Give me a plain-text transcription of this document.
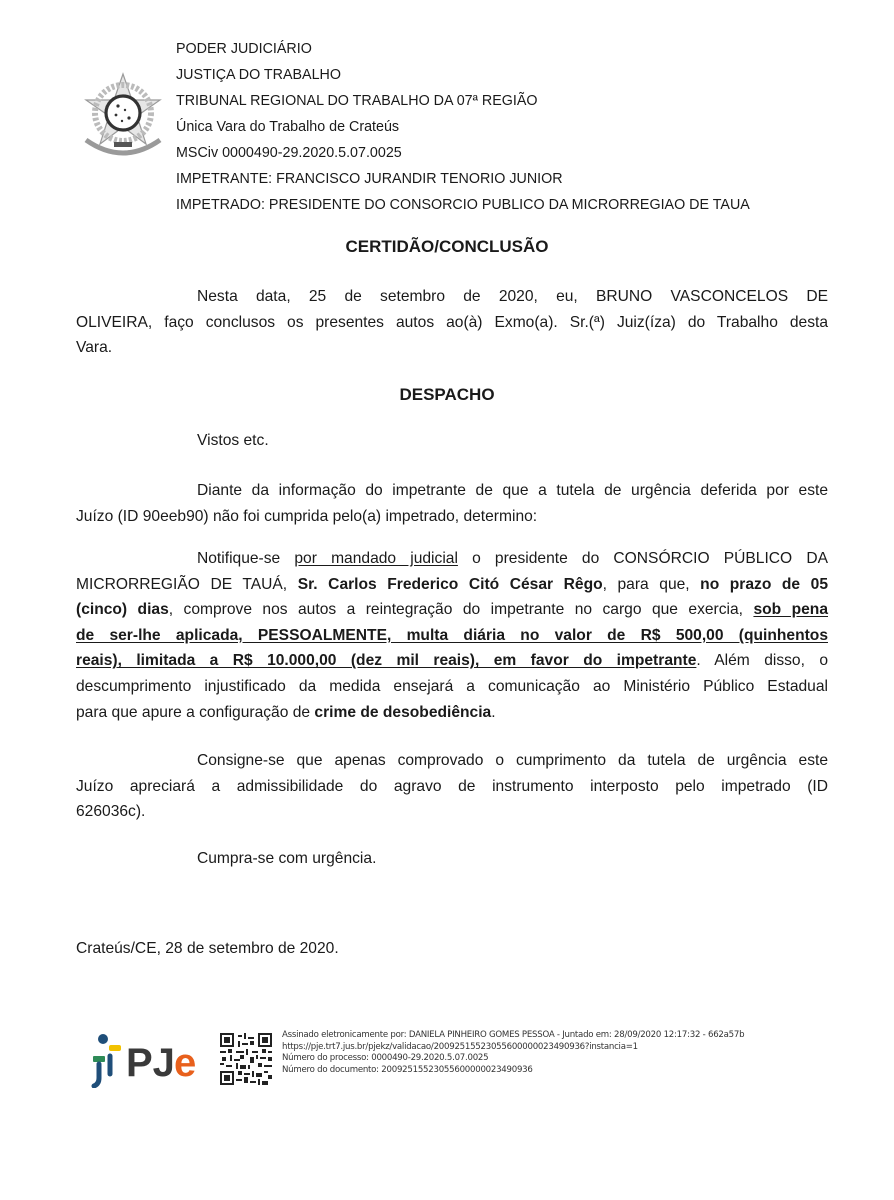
PODER JUDICIÁRIO
JUSTIÇA DO TRABALHO
TRIBUNAL REGIONAL DO TRABALHO DA 07ª REGIÃO
Única Vara do Trabalho de Crateús
MSCiv 0000490-29.2020.5.07.0025
IMPETRANTE: FRANCISCO JURANDIR TENORIO JUNIOR
IMPETRADO: PRESIDENTE DO CONSORCIO PUBLICO DA MICRORREGIAO DE TAUA
CERTIDÃO/CONCLUSÃO
Nesta data, 25 de setembro de 2020, eu, BRUNO VASCONCELOS DE
OLIVEIRA, faço conclusos os presentes autos ao(à) Exmo(a). Sr.(ª) Juiz(íza) do Trabalho desta
Vara.
DESPACHO
Vistos etc.
Diante da informação do impetrante de que a tutela de urgência deferida por este
Juízo (ID 90eeb90) não foi cumprida pelo(a) impetrado, determino:
Notifique-se por mandado judicial o presidente do CONSÓRCIO PÚBLICO DA
MICRORREGIÃO DE TAUÁ, Sr. Carlos Frederico Citó César Rêgo, para que, no prazo de 05
(cinco) dias, comprove nos autos a reintegração do impetrante no cargo que exercia, sob pena
de ser-lhe aplicada, PESSOALMENTE, multa diária no valor de R$ 500,00 (quinhentos
reais), limitada a R$ 10.000,00 (dez mil reais), em favor do impetrante. Além disso, o
descumprimento injustificado da medida ensejará a comunicação ao Ministério Público Estadual
para que apure a configuração de crime de desobediência.
Consigne-se que apenas comprovado o cumprimento da tutela de urgência este
Juízo apreciará a admissibilidade do agravo de instrumento interposto pelo impetrado (ID
626036c).
Cumpra-se com urgência.
Crateús/CE, 28 de setembro de 2020.
PJ e
Assinado eletronicamente por: DANIELA PINHEIRO GOMES PESSOA - Juntado em: 28/09/2020 12:17:32 - 662a57b
https://pje.trt7.jus.br/pjekz/validacao/20092515523055600000023490936?instancia=1
Número do processo: 0000490-29.2020.5.07.0025
Número do documento: 20092515523055600000023490936
